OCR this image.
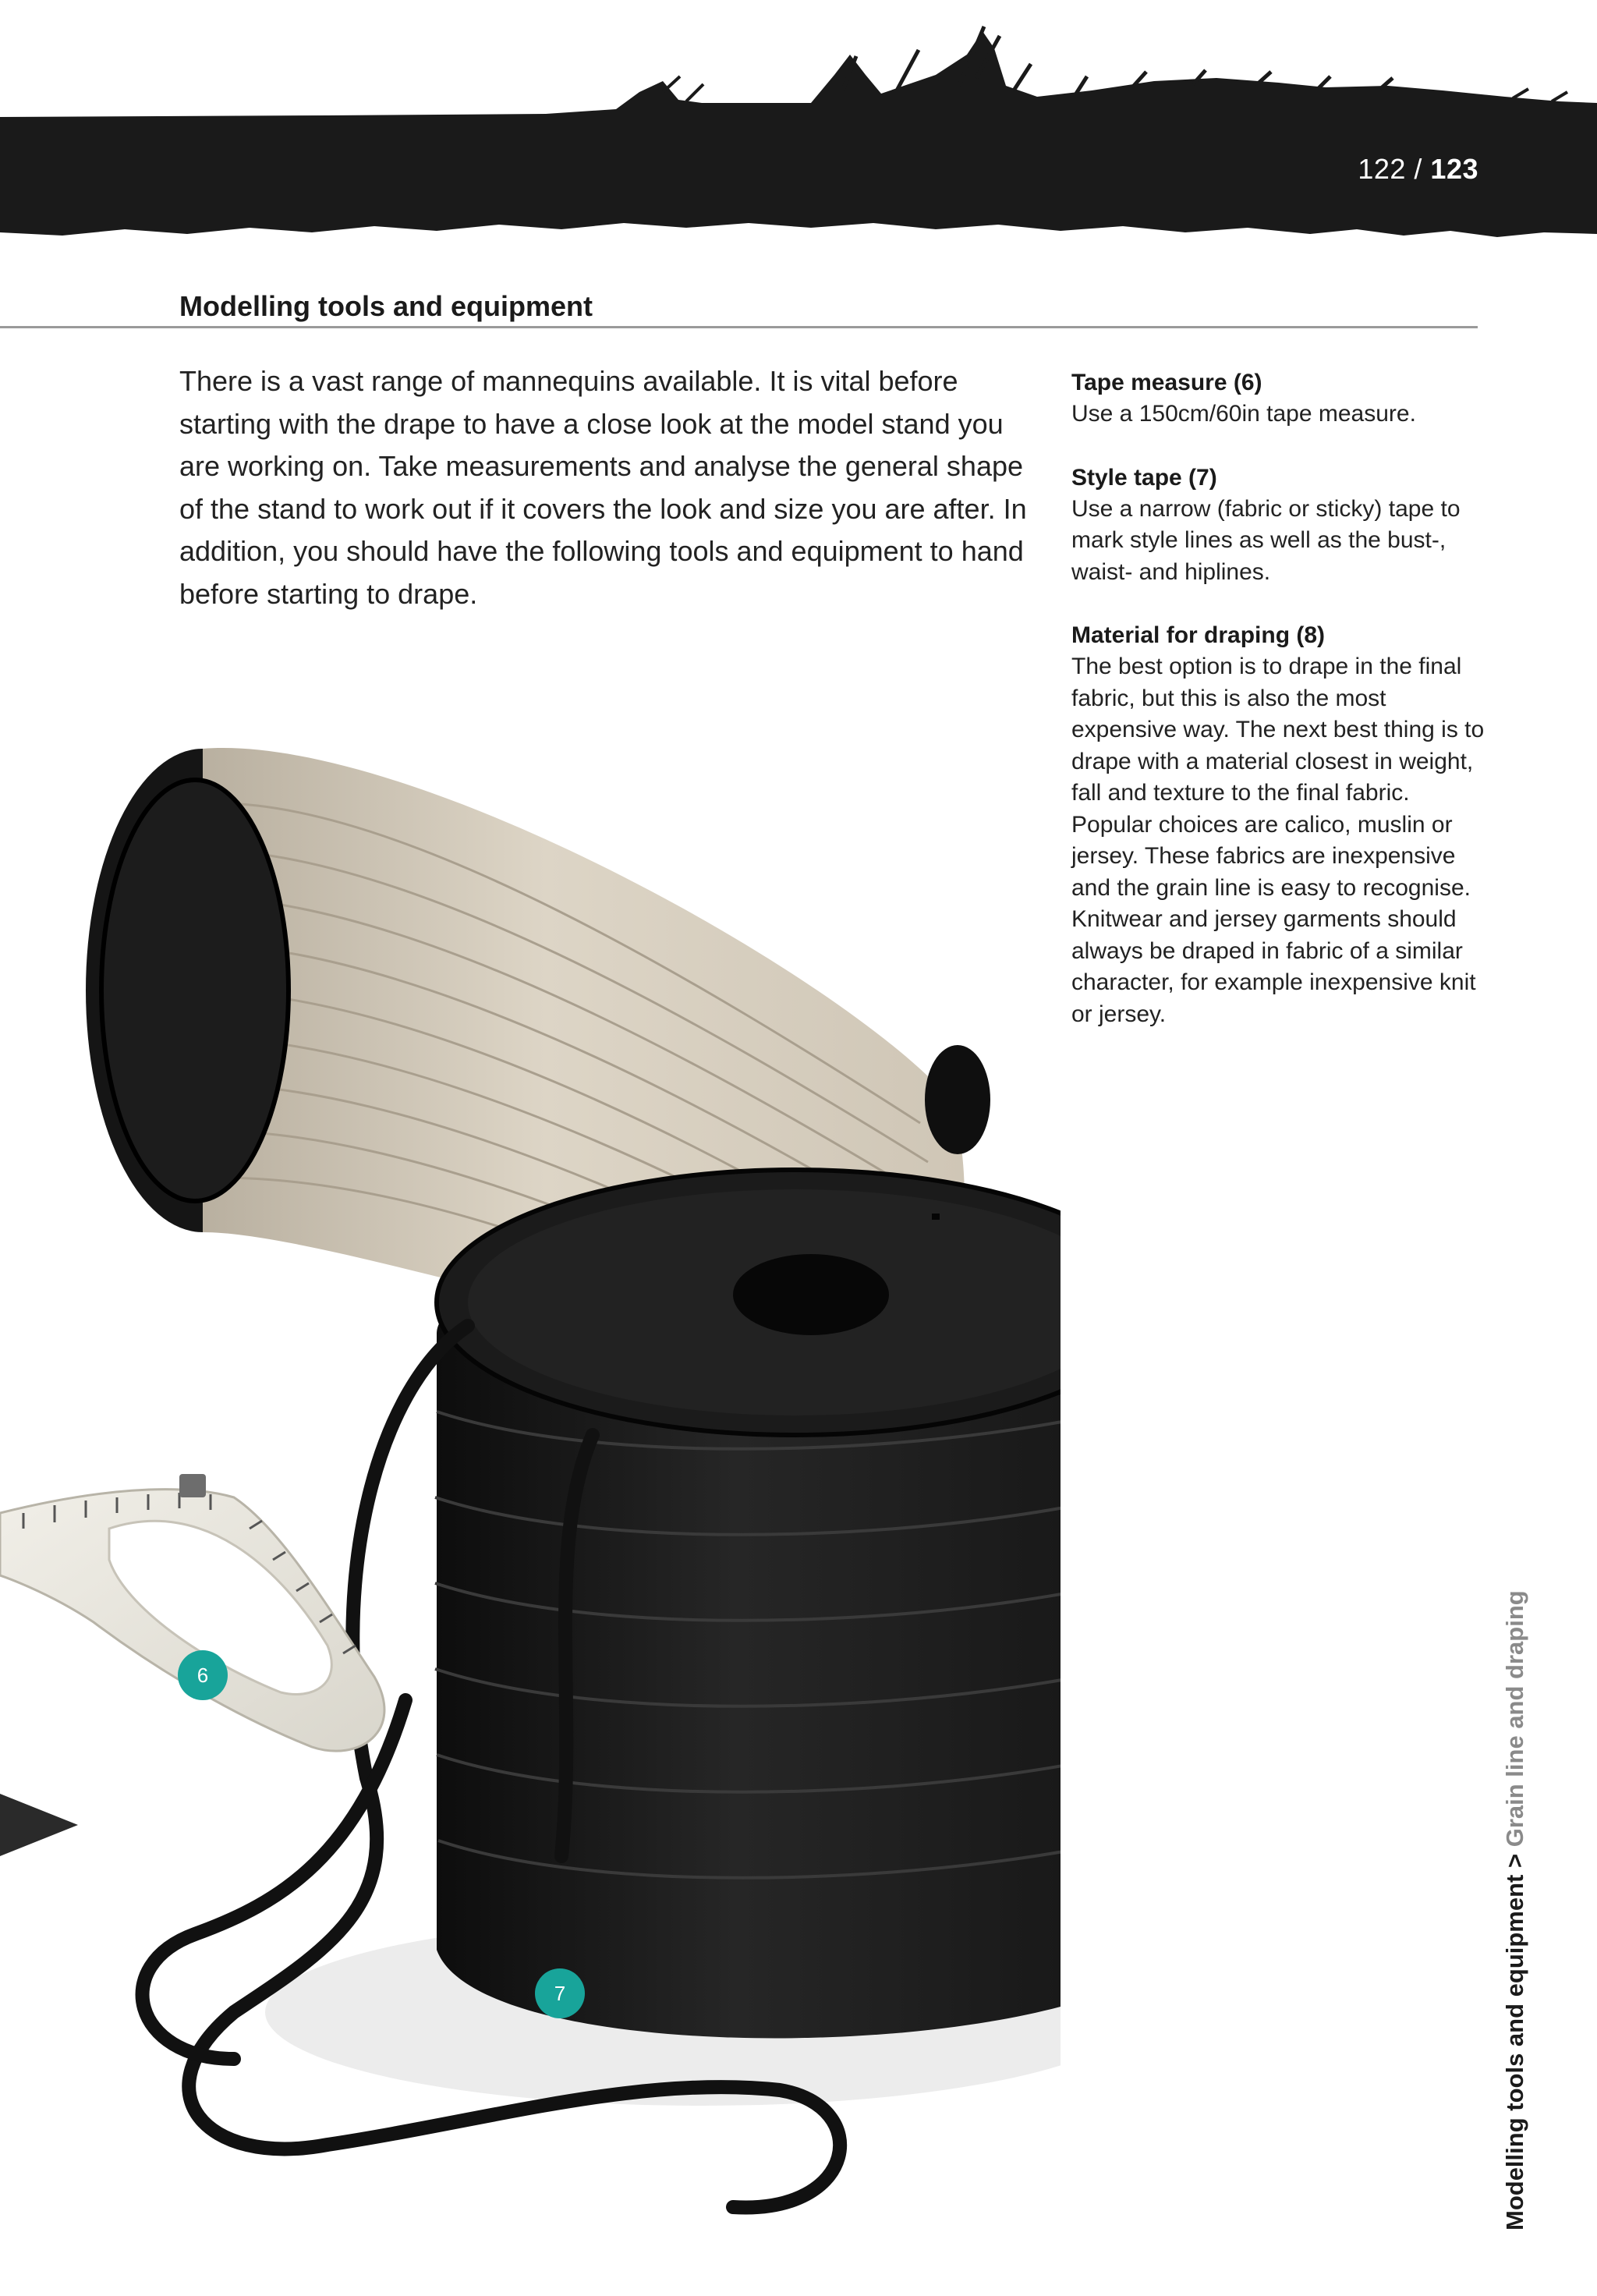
122 / 123
Modelling tools and equipment

There is a vast range of mannequins available. It is vital before starting with the drape to have a close look at the model stand you are working on. Take measurements and analyse the general shape of the stand to work out if it covers the look and size you are after. In addition, you should have the following tools and equipment to hand before starting to drape.

Tape measure (6)

Use a 150cm/60in tape measure.

Style tape (7)

Use a narrow (fabric or sticky) tape to mark style lines as well as the bust-, waist- and hiplines.

Material for draping (8)

The best option is to drape in the final fabric, but this is also the most expensive way. The next best thing is to drape with a material closest in weight, fall and texture to the final fabric. Popular choices are calico, muslin or jersey. These fabrics are inexpensive and the grain line is easy to recognise. Knitwear and jersey garments should always be draped in fabric of a similar character, for example inexpensive knit or jersey.

6
7	Modelling tools and equipment > Grain line and draping
